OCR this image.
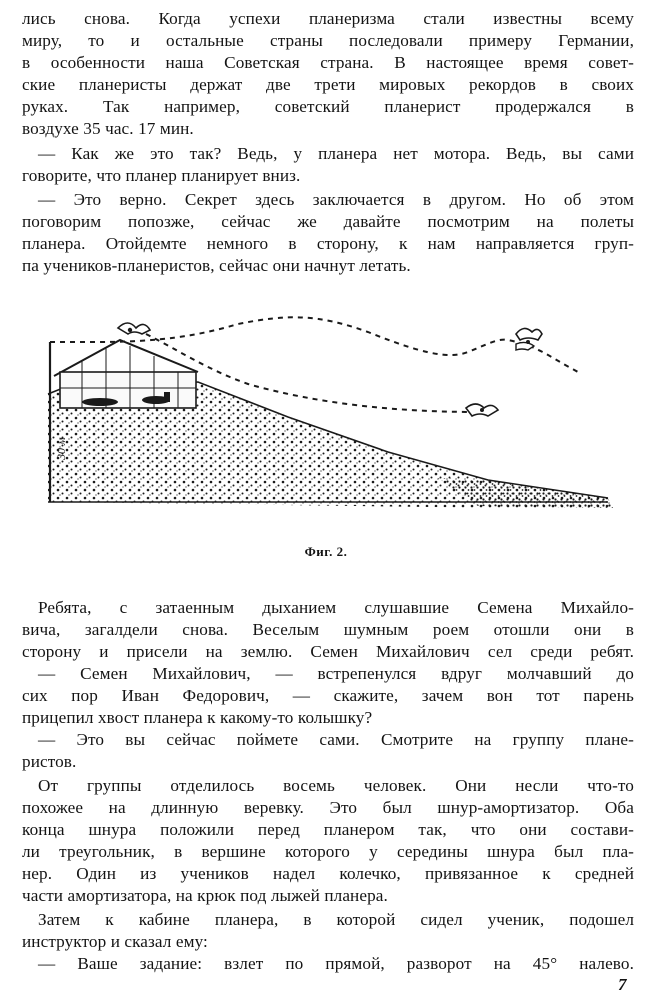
лись снова. Когда успехи планеризма стали известны всему
миру, то и остальные страны последовали примеру Германии,
в особенности наша Советская страна. В настоящее время совет-
ские планеристы держат две трети мировых рекордов в своих
руках. Так например, советский планерист продержался в
воздухе 35 час. 17 мин.
— Как же это так? Ведь, у планера нет мотора. Ведь, вы сами
говорите, что планер планирует вниз.
— Это верно. Секрет здесь заключается в другом. Но об этом
поговорим попозже, сейчас же давайте посмотрим на полеты
планера. Отойдемте немного в сторону, к нам направляется груп-
па учеников-планеристов, сейчас они начнут летать.
30 м
Фиг. 2.
Ребята, с затаенным дыханием слушавшие Семена Михайло-
вича, загалдели снова. Веселым шумным роем отошли они в
сторону и присели на землю. Семен Михайлович сел среди ребят.
— Семен Михайлович, — встрепенулся вдруг молчавший до
сих пор Иван Федорович, — скажите, зачем вон тот парень
прицепил хвост планера к какому-то колышку?
— Это вы сейчас поймете сами. Смотрите на группу плане-
ристов.
От группы отделилось восемь человек. Они несли что-то
похожее на длинную веревку. Это был шнур-амортизатор. Оба
конца шнура положили перед планером так, что они состави-
ли треугольник, в вершине которого у середины шнура был пла-
нер. Один из учеников надел колечко, привязанное к средней
части амортизатора, на крюк под лыжей планера.
Затем к кабине планера, в которой сидел ученик, подошел
инструктор и сказал ему:
— Ваше задание: взлет по прямой, разворот на 45° налево.
7
